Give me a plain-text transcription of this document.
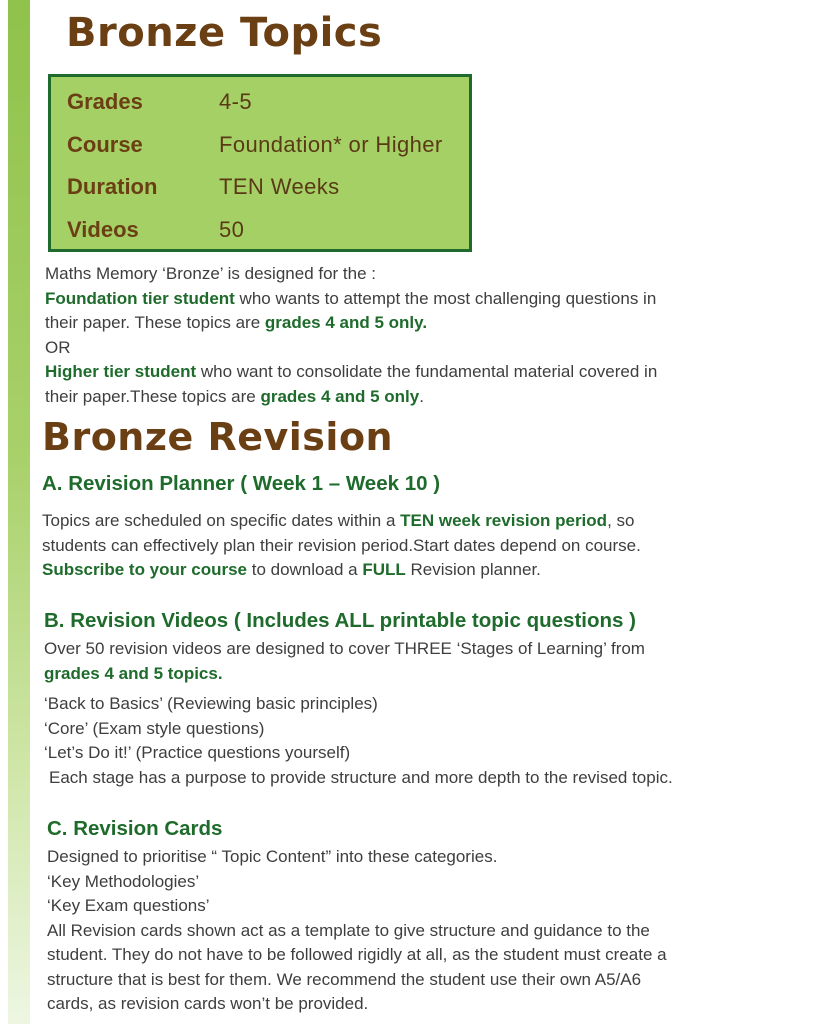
Bronze Topics
Grades	4-5
Course	Foundation* or Higher
Duration	TEN Weeks
Videos	50
Maths Memory ‘Bronze’ is designed for the :
Foundation tier student who wants to attempt the most challenging questions in
their paper. These topics are grades 4 and 5 only.
OR
Higher tier student who want to consolidate the fundamental material covered in
their paper.These topics are grades 4 and 5 only.
Bronze Revision
A. Revision Planner ( Week 1 – Week 10 )
Topics are scheduled on specific dates within a TEN week revision period, so
students can effectively plan their revision period.Start dates depend on course.
Subscribe to your course to download a FULL Revision planner.
B. Revision Videos ( Includes ALL printable topic questions )
Over 50 revision videos are designed to cover THREE ‘Stages of Learning’ from
grades 4 and 5 topics.
‘Back to Basics’ (Reviewing basic principles)
‘Core’ (Exam style questions)
‘Let’s Do it!’ (Practice questions yourself)
Each stage has a purpose to provide structure and more depth to the revised topic.
C. Revision Cards
Designed to prioritise “ Topic Content” into these categories.
‘Key Methodologies’
‘Key Exam questions’
All Revision cards shown act as a template to give structure and guidance to the
student. They do not have to be followed rigidly at all, as the student must create a
structure that is best for them. We recommend the student use their own A5/A6
cards, as revision cards won’t be provided.
